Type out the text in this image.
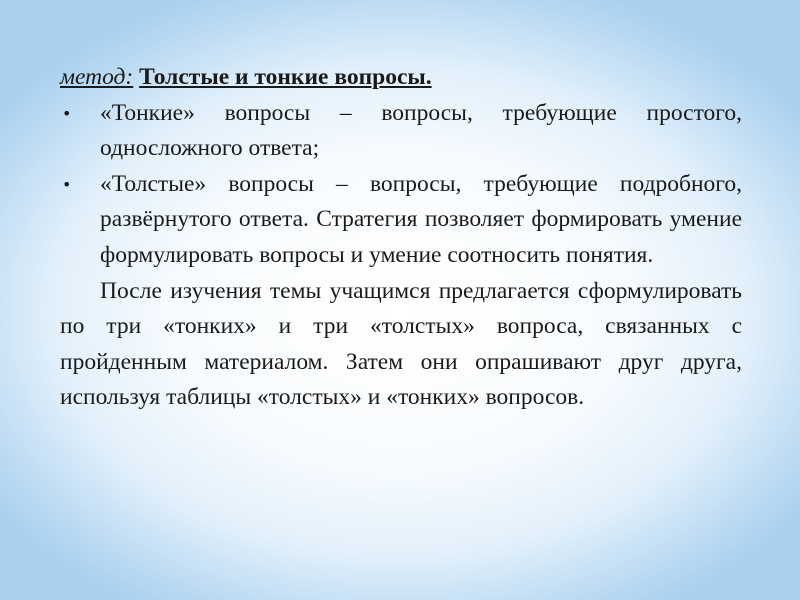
метод: Толстые и тонкие вопросы.
• «Тонкие» вопросы – вопросы, требующие простого, односложного ответа;
• «Толстые» вопросы – вопросы, требующие подробного, развёрнутого ответа. Стратегия позволяет формировать умение формулировать вопросы и умение соотносить понятия.

После изучения темы учащимся предлагается сформулировать по три «тонких» и три «толстых» вопроса, связанных с пройденным материалом. Затем они опрашивают друг друга, используя таблицы «толстых» и «тонких» вопросов.
